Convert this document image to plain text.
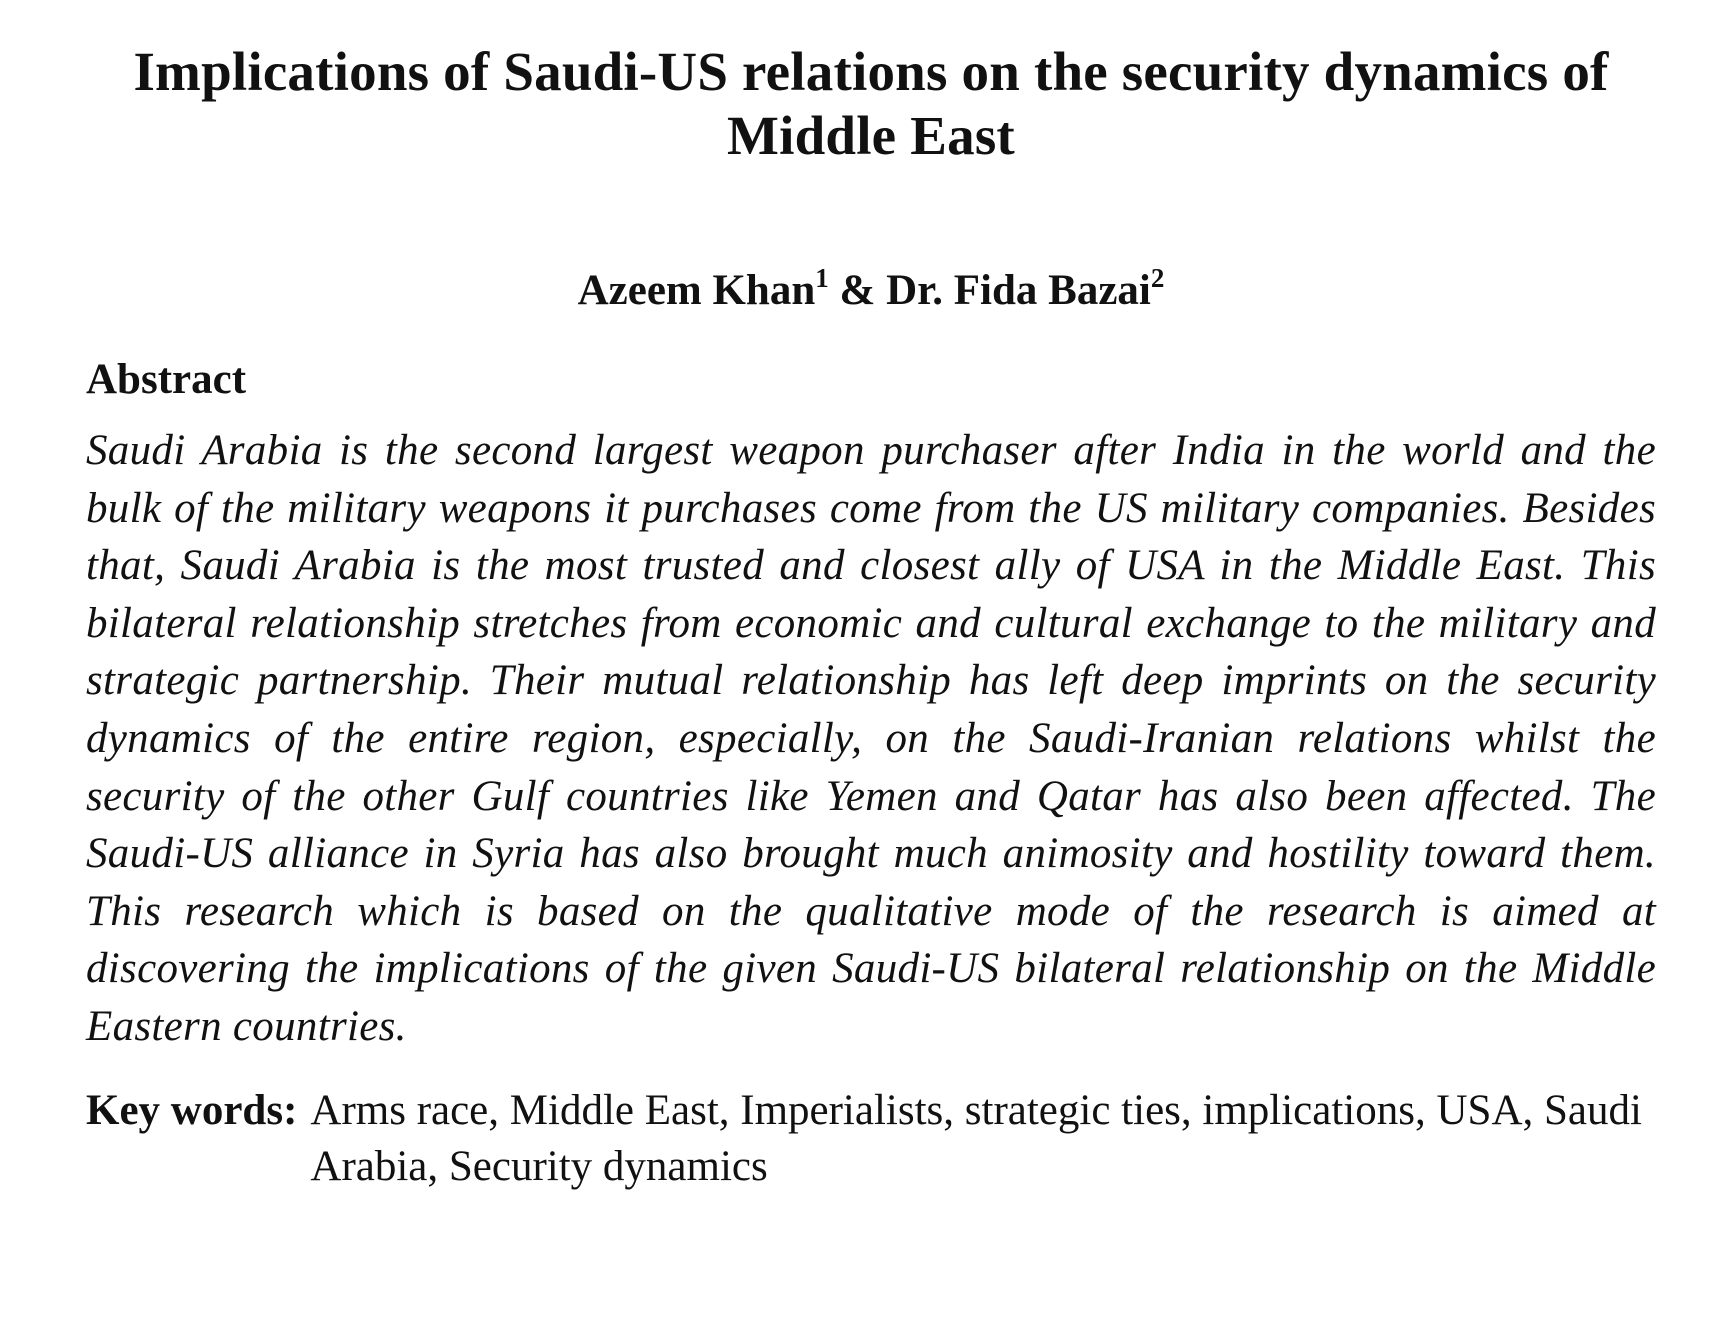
Implications of Saudi-US relations on the security dynamics of
Middle East
Azeem Khan$^1$ & Dr. Fida Bazai$^2$
Abstract

Saudi Arabia is the second largest weapon purchaser after India in the world and the bulk of the military weapons it purchases come from the US military companies. Besides that, Saudi Arabia is the most trusted and closest ally of USA in the Middle East. This bilateral relationship stretches from economic and cultural exchange to the military and strategic partnership. Their mutual relationship has left deep imprints on the security dynamics of the entire region, especially, on the Saudi-Iranian relations whilst the security of the other Gulf countries like Yemen and Qatar has also been affected. The Saudi-US alliance in Syria has also brought much animosity and hostility toward them. This research which is based on the qualitative mode of the research is aimed at discovering the implications of the given Saudi-US bilateral relationship on the Middle Eastern countries.

Key words: Arms race, Middle East, Imperialists, strategic ties, implications, USA, Saudi Arabia, Security dynamics
